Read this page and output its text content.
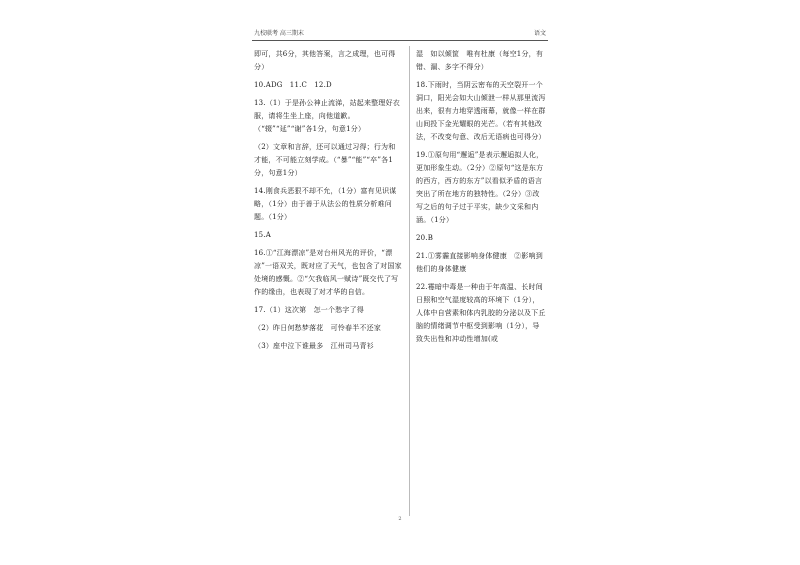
九校联考 高三期末	语文

即可，共6分，其他答案，言之成理，也可得分）

10.ADG　11.C　12.D

13.（1）于是孙公神止流涕，站起来整理好衣服，请将生坐上座，向他道歉。（“辍”“延”“谢”各1分，句意1分）

（2）文章和言辞，还可以通过习得；行为和才能，不可能立刻学成。（“暴”“能”“卒”各1分，句意1分）

14.刚食兵恶狠不却不允，（1分）富有见识谋略，（1分）由于善于从法公的性质分析难问题。（1分）

15.A

16.①“江海漂凉”是对台州风光的评价，“漂凉”一语双关，既对应了天气，也包含了对国家处境的感慨。②“欠我临风一赋诗”既交代了写作的缘由，也表现了对才华的自信。

17.（1）这次第　怎一个愁字了得

（2）昨日何愁梦落花　可怜春半不还家

（3）座中泣下谁最多　江州司马青衫

湿　如以倾筐　唯有杜康（每空1分，有错、漏、多字不得分）

18.下雨时，当阴云密布的天空裂开一个洞口，阳光会如大山倾泄一样从那里流泻出来，很有力地穿透雨幕，就像一样在群山间投下金光耀眼的光芒。（若有其他改法，不改变句意、改后无语病也可得分）

19.①原句用“邂逅”是表示邂逅拟人化，更加形象生动。（2分）②原句“这是东方的西方，西方的东方”以看似矛盾的语言突出了所在地方的独特性。（2分）③改写之后的句子过于平实，缺少文采和内涵。（1分）

20.B

21.①雾霾直接影响身体健康　②影响到他们的身体健康

22.霉暗中毒是一种由于年高温、长时间日照和空气湿度较高的环境下（1分），人体中自营素和体内乳胶的分泌以及下丘脑的情绪调节中枢受到影响（1分），导致失出性和冲动性增加(或

2
